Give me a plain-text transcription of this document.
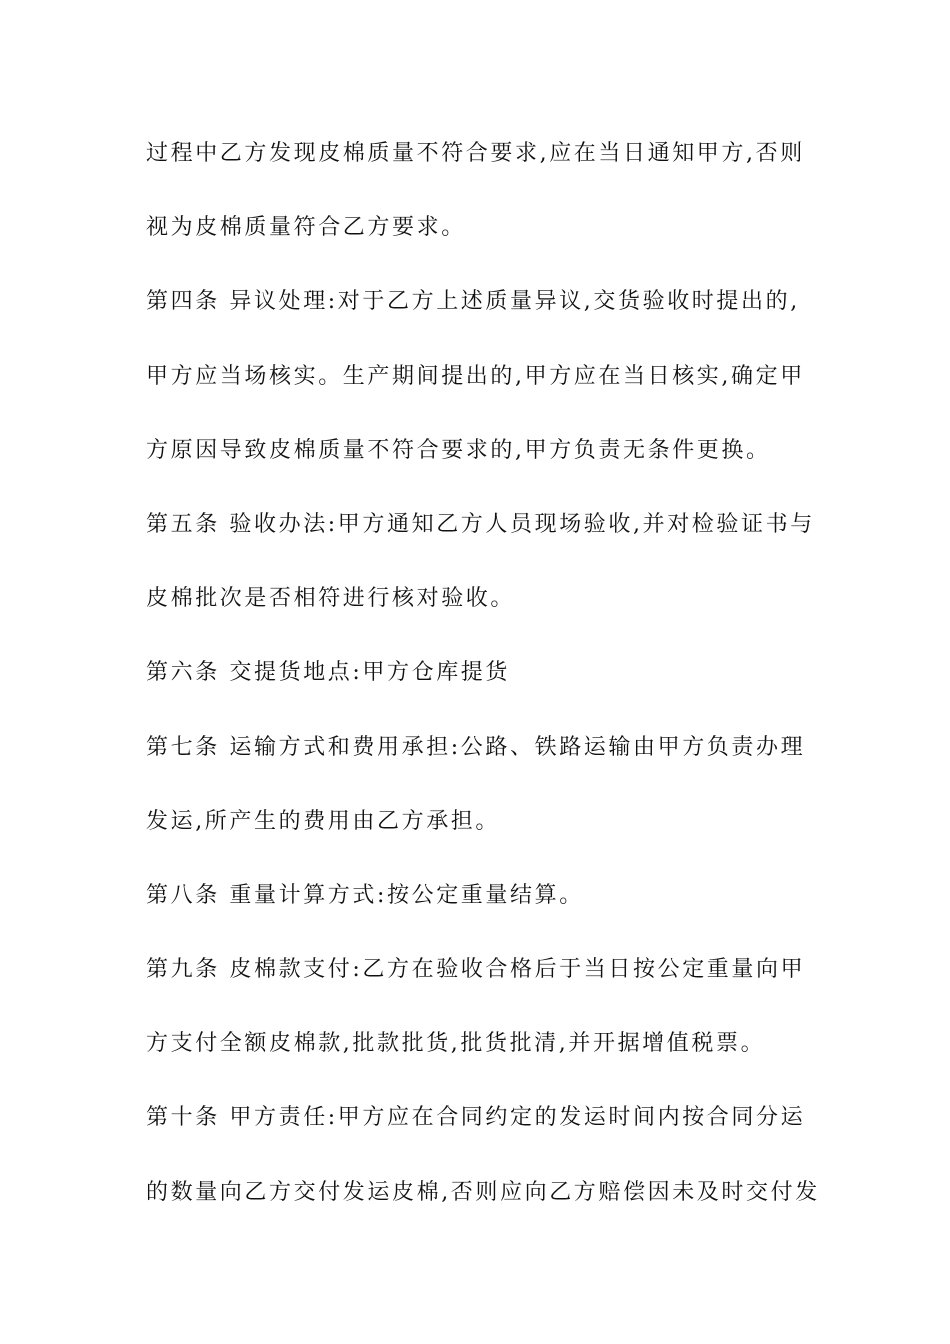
过程中乙方发现皮棉质量不符合要求,应在当日通知甲方,否则
视为皮棉质量符合乙方要求。
第四条 异议处理:对于乙方上述质量异议,交货验收时提出的,
甲方应当场核实。生产期间提出的,甲方应在当日核实,确定甲
方原因导致皮棉质量不符合要求的,甲方负责无条件更换。
第五条 验收办法:甲方通知乙方人员现场验收,并对检验证书与
皮棉批次是否相符进行核对验收。
第六条 交提货地点:甲方仓库提货
第七条 运输方式和费用承担:公路、铁路运输由甲方负责办理
发运,所产生的费用由乙方承担。
第八条 重量计算方式:按公定重量结算。
第九条 皮棉款支付:乙方在验收合格后于当日按公定重量向甲
方支付全额皮棉款,批款批货,批货批清,并开据增值税票。
第十条 甲方责任:甲方应在合同约定的发运时间内按合同分运
的数量向乙方交付发运皮棉,否则应向乙方赔偿因未及时交付发
